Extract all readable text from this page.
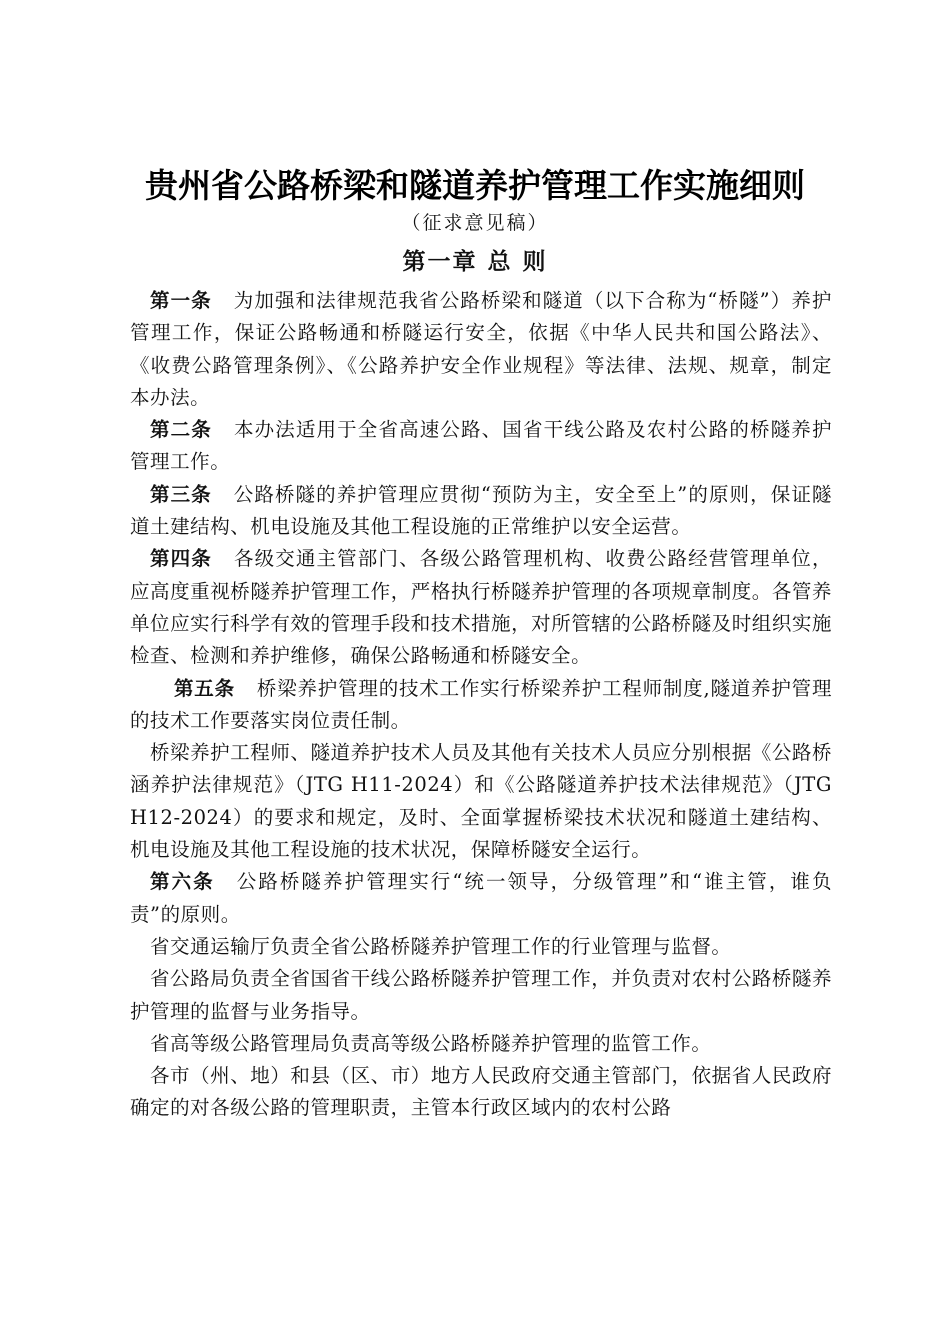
贵州省公路桥梁和隧道养护管理工作实施细则
（征求意见稿）
第一章 总 则

第一条 为加强和法律规范我省公路桥梁和隧道（以下合称为“桥隧”）养护管理工作，保证公路畅通和桥隧运行安全，依据《中华人民共和国公路法》、《收费公路管理条例》、《公路养护安全作业规程》等法律、法规、规章，制定本办法。

第二条 本办法适用于全省高速公路、国省干线公路及农村公路的桥隧养护管理工作。

第三条 公路桥隧的养护管理应贯彻“预防为主，安全至上”的原则，保证隧道土建结构、机电设施及其他工程设施的正常维护以安全运营。

第四条 各级交通主管部门、各级公路管理机构、收费公路经营管理单位，应高度重视桥隧养护管理工作，严格执行桥隧养护管理的各项规章制度。各管养单位应实行科学有效的管理手段和技术措施，对所管辖的公路桥隧及时组织实施检查、检测和养护维修，确保公路畅通和桥隧安全。

第五条 桥梁养护管理的技术工作实行桥梁养护工程师制度,隧道养护管理的技术工作要落实岗位责任制。

桥梁养护工程师、隧道养护技术人员及其他有关技术人员应分别根据《公路桥涵养护法律规范》（JTG H11-2024）和《公路隧道养护技术法律规范》（JTG H12-2024）的要求和规定，及时、全面掌握桥梁技术状况和隧道土建结构、机电设施及其他工程设施的技术状况，保障桥隧安全运行。

第六条 公路桥隧养护管理实行“统一领导，分级管理”和“谁主管，谁负责”的原则。

省交通运输厅负责全省公路桥隧养护管理工作的行业管理与监督。

省公路局负责全省国省干线公路桥隧养护管理工作，并负责对农村公路桥隧养护管理的监督与业务指导。

省高等级公路管理局负责高等级公路桥隧养护管理的监管工作。

各市（州、地）和县（区、市）地方人民政府交通主管部门，依据省人民政府确定的对各级公路的管理职责，主管本行政区域内的农村公路
